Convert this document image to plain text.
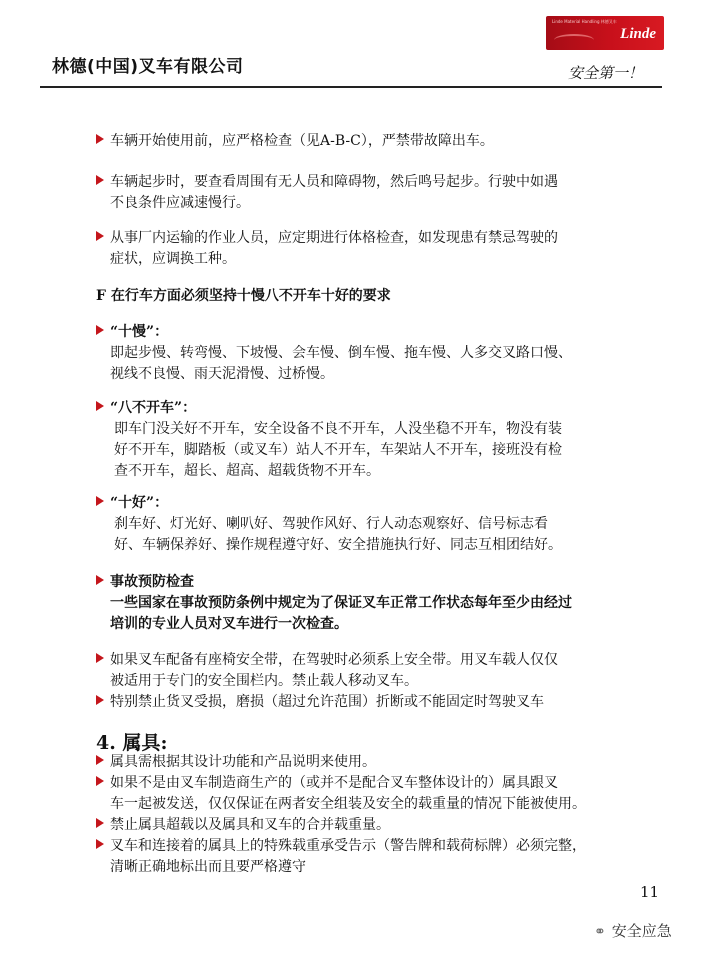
林德(中国)叉车有限公司
Linde Material Handling 林德叉车
Linde
安全第一！
车辆开始使用前，应严格检查（见A-B-C），严禁带故障出车。
车辆起步时，要查看周围有无人员和障碍物，然后鸣号起步。行驶中如遇
不良条件应减速慢行。
从事厂内运输的作业人员，应定期进行体格检查，如发现患有禁忌驾驶的
症状，应调换工种。
F 在行车方面必须坚持十慢八不开车十好的要求
“十慢”：
即起步慢、转弯慢、下坡慢、会车慢、倒车慢、拖车慢、人多交叉路口慢、
视线不良慢、雨天泥滑慢、过桥慢。
“八不开车”：
即车门没关好不开车，安全设备不良不开车，人没坐稳不开车，物没有装
好不开车，脚踏板（或叉车）站人不开车，车架站人不开车，接班没有检
查不开车，超长、超高、超载货物不开车。
“十好”：
刹车好、灯光好、喇叭好、驾驶作风好、行人动态观察好、信号标志看
好、车辆保养好、操作规程遵守好、安全措施执行好、同志互相团结好。
事故预防检查
一些国家在事故预防条例中规定为了保证叉车正常工作状态每年至少由经过
培训的专业人员对叉车进行一次检查。
如果叉车配备有座椅安全带，在驾驶时必须系上安全带。用叉车载人仅仅
被适用于专门的安全围栏内。禁止载人移动叉车。
特别禁止货叉受损，磨损（超过允许范围）折断或不能固定时驾驶叉车
4. 属具:
属具需根据其设计功能和产品说明来使用。
如果不是由叉车制造商生产的（或并不是配合叉车整体设计的）属具跟叉
车一起被发送，仅仅保证在两者安全组装及安全的载重量的情况下能被使用。
禁止属具超载以及属具和叉车的合并载重量。
叉车和连接着的属具上的特殊载重承受告示（警告牌和载荷标牌）必须完整，
清晰正确地标出而且要严格遵守
11
⚭ 安全应急
